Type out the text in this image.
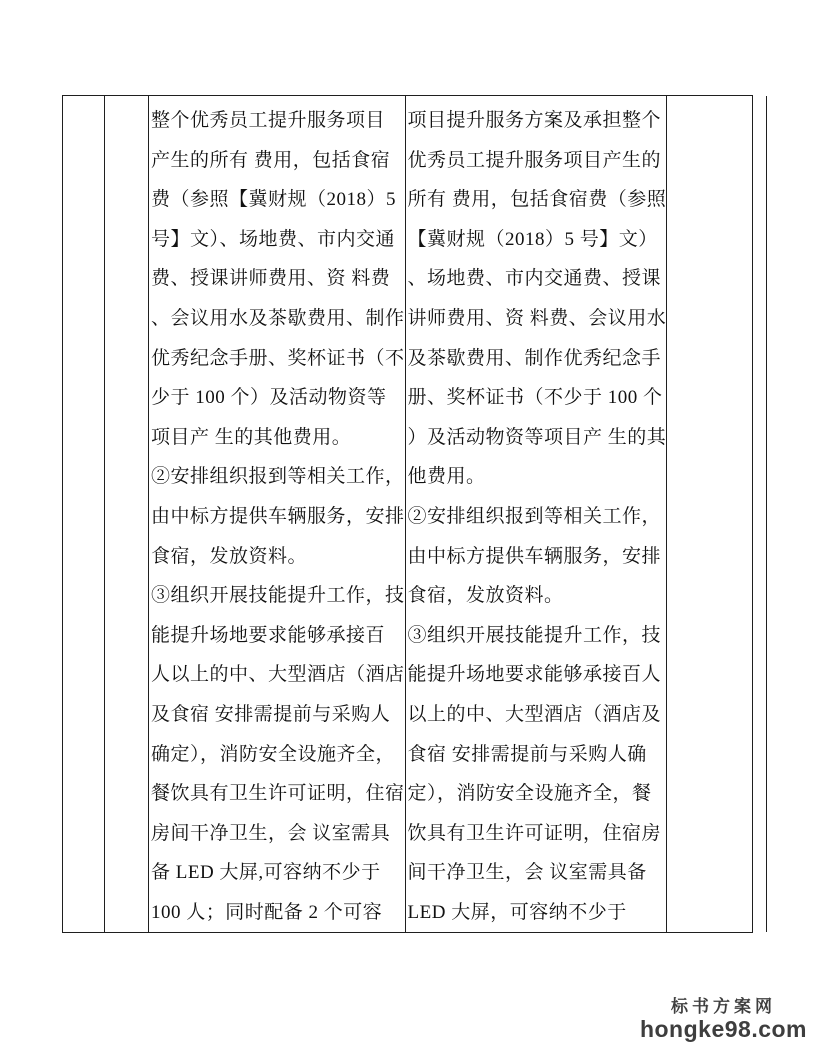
整个优秀员工提升服务项目
产生的所有 费用，包括食宿
费（参照【冀财规（2018）5
号】文）、场地费、市内交通
费、授课讲师费用、资 料费
、会议用水及茶歇费用、制作
优秀纪念手册、奖杯证书（不
少于 100 个）及活动物资等
项目产 生的其他费用。
②安排组织报到等相关工作，
由中标方提供车辆服务，安排
食宿，发放资料。
③组织开展技能提升工作，技
能提升场地要求能够承接百
人以上的中、大型酒店（酒店
及食宿 安排需提前与采购人
确定），消防安全设施齐全，
餐饮具有卫生许可证明，住宿
房间干净卫生，会 议室需具
备 LED 大屏,可容纳不少于
100 人；同时配备 2 个可容
项目提升服务方案及承担整个
优秀员工提升服务项目产生的
所有 费用，包括食宿费（参照
【冀财规（2018）5 号】文）
、场地费、市内交通费、授课
讲师费用、资 料费、会议用水
及茶歇费用、制作优秀纪念手
册、奖杯证书（不少于 100 个
）及活动物资等项目产 生的其
他费用。
②安排组织报到等相关工作，
由中标方提供车辆服务，安排
食宿，发放资料。
③组织开展技能提升工作，技
能提升场地要求能够承接百人
以上的中、大型酒店（酒店及
食宿 安排需提前与采购人确
定），消防安全设施齐全，餐
饮具有卫生许可证明，住宿房
间干净卫生，会 议室需具备
LED 大屏，可容纳不少于
标书方案网
hongke98.com
